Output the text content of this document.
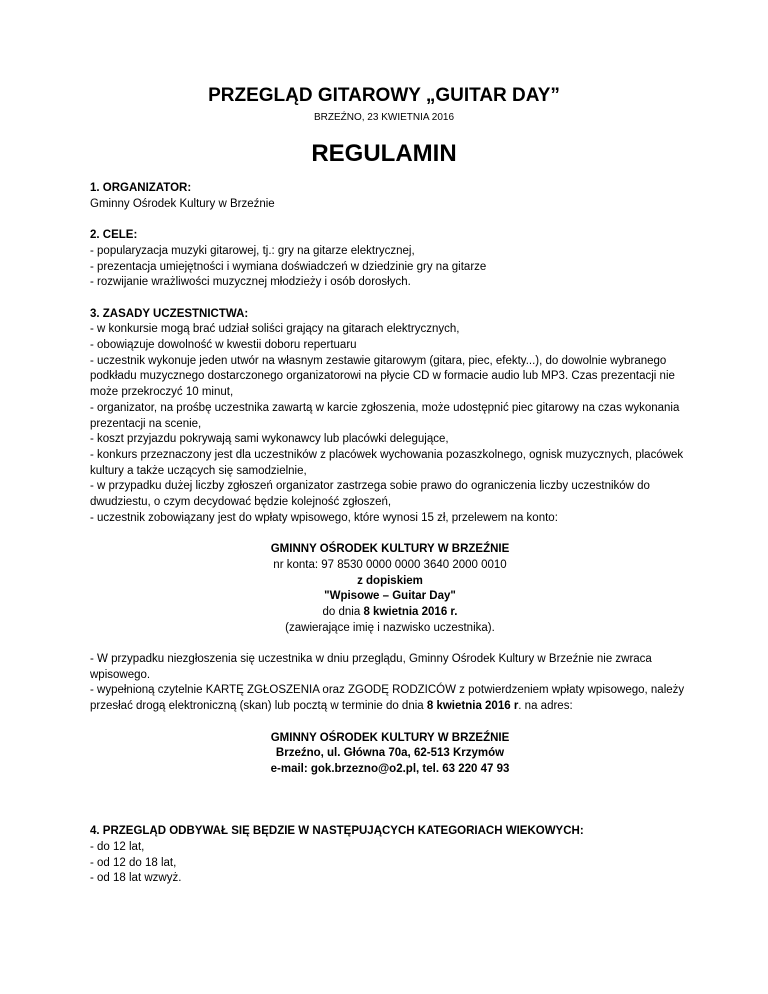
PRZEGLĄD GITAROWY „GUITAR DAY”
BRZEŹNO, 23 KWIETNIA 2016
REGULAMIN
1. ORGANIZATOR:
Gminny Ośrodek Kultury w Brzeźnie
2. CELE:
- popularyzacja muzyki gitarowej, tj.: gry na gitarze elektrycznej,
- prezentacja umiejętności i wymiana doświadczeń w dziedzinie gry na gitarze
- rozwijanie wrażliwości muzycznej młodzieży i osób dorosłych.
3. ZASADY UCZESTNICTWA:
- w konkursie mogą brać udział soliści grający na gitarach elektrycznych,
- obowiązuje dowolność w kwestii doboru repertuaru
- uczestnik wykonuje jeden utwór na własnym zestawie gitarowym (gitara, piec, efekty...), do dowolnie wybranego podkładu muzycznego dostarczonego organizatorowi na płycie CD w formacie audio lub MP3. Czas prezentacji nie może przekroczyć 10 minut,
- organizator, na prośbę uczestnika zawartą w karcie zgłoszenia, może udostępnić piec gitarowy na czas wykonania prezentacji na scenie,
- koszt przyjazdu pokrywają sami wykonawcy lub placówki delegujące,
- konkurs przeznaczony jest dla uczestników z placówek wychowania pozaszkolnego, ognisk muzycznych, placówek kultury a także uczących się samodzielnie,
- w przypadku dużej liczby zgłoszeń organizator zastrzega sobie prawo do ograniczenia liczby uczestników do dwudziestu, o czym decydować będzie kolejność zgłoszeń,
- uczestnik zobowiązany jest do wpłaty wpisowego, które wynosi 15 zł, przelewem na konto:
GMINNY OŚRODEK KULTURY W BRZEŹNIE
nr konta: 97 8530 0000 0000 3640 2000 0010
z dopiskiem
"Wpisowe – Guitar Day"
do dnia 8 kwietnia 2016 r.
(zawierające imię i nazwisko uczestnika).
- W przypadku niezgłoszenia się uczestnika w dniu przeglądu, Gminny Ośrodek Kultury w Brzeźnie nie zwraca wpisowego.
- wypełnioną czytelnie KARTĘ ZGŁOSZENIA oraz ZGODĘ RODZICÓW z potwierdzeniem wpłaty wpisowego, należy przesłać drogą elektroniczną (skan) lub pocztą w terminie do dnia 8 kwietnia 2016 r. na adres:
GMINNY OŚRODEK KULTURY W BRZEŹNIE
Brzeźno, ul. Główna 70a, 62-513 Krzymów
e-mail: gok.brzezno@o2.pl, tel. 63 220 47 93
4. PRZEGLĄD ODBYWAŁ SIĘ BĘDZIE W NASTĘPUJĄCYCH KATEGORIACH WIEKOWYCH:
- do 12 lat,
- od 12 do 18 lat,
- od 18 lat wzwyż.
